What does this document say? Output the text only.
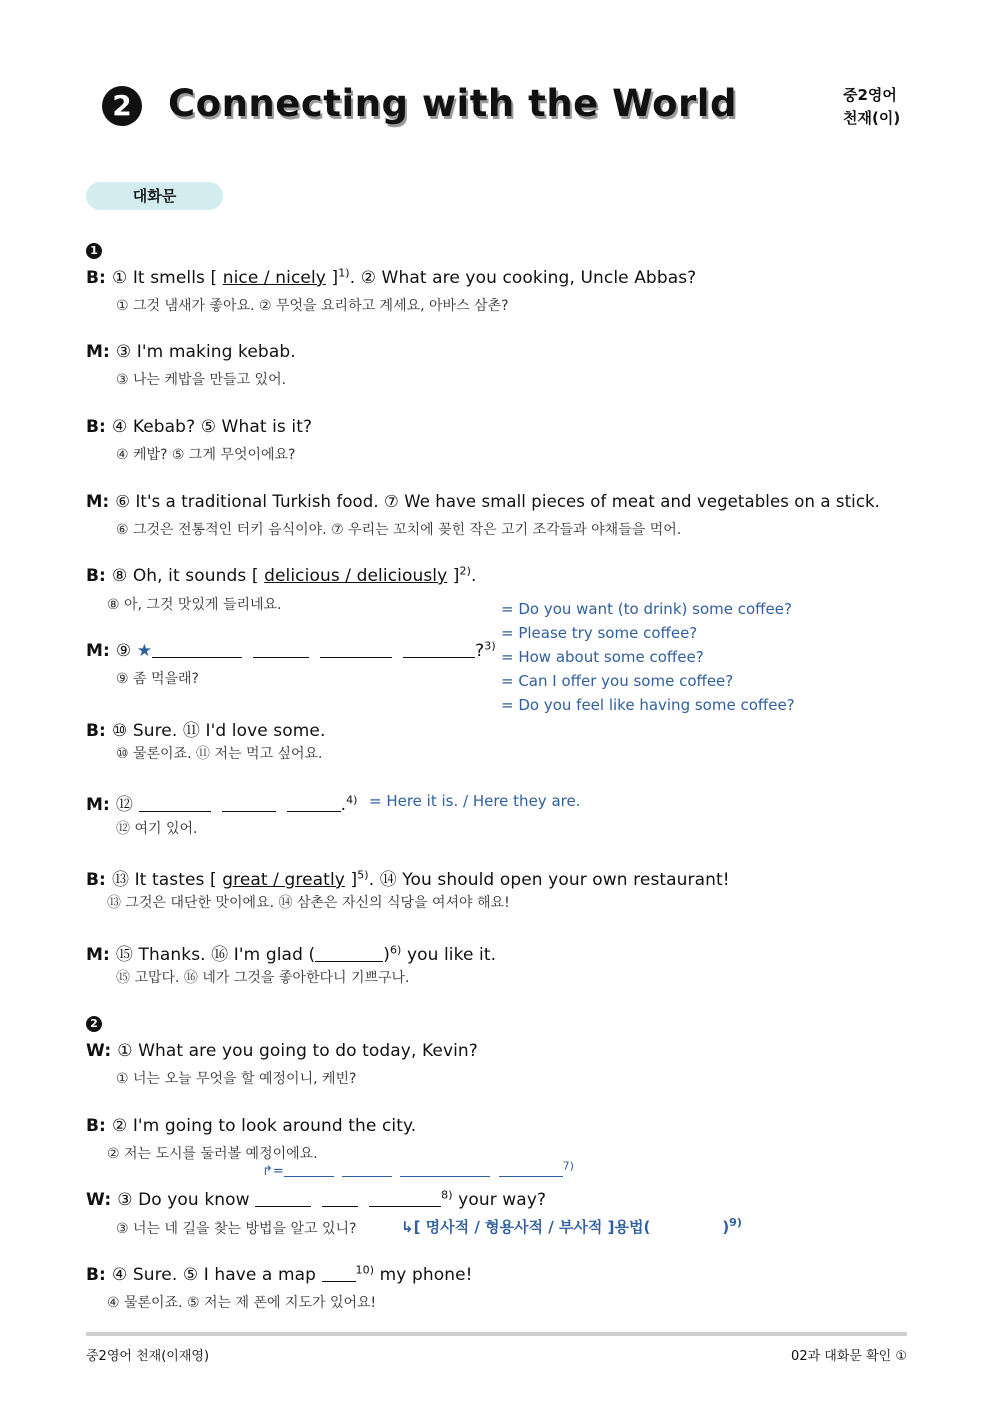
2 Connecting with the World	중2영어
천재(이)
대화문
1
B: ① It smells [ nice / nicely ]$^{1)}$. ② What are you cooking, Uncle Abbas?
① 그것 냄새가 좋아요. ② 무엇을 요리하고 계세요, 아바스 삼촌?
M: ③ I'm making kebab.
③ 나는 케밥을 만들고 있어.
B: ④ Kebab? ⑤ What is it?
④ 케밥? ⑤ 그게 무엇이에요?
M: ⑥ It's a traditional Turkish food. ⑦ We have small pieces of meat and vegetables on a stick.
⑥ 그것은 전통적인 터키 음식이야. ⑦ 우리는 꼬치에 꽂힌 작은 고기 조각들과 야채들을 먹어.
B: ⑧ Oh, it sounds [ delicious / deliciously ]$^{2)}$.
⑧ 아, 그것 맛있게 들리네요.	= Do you want (to drink) some coffee?
= Please try some coffee?
= How about some coffee?
= Can I offer you some coffee?
= Do you feel like having some coffee?
M: ⑨ ★	?$^{3)}$
⑨ 좀 먹을래?
B: ⑩ Sure. ⑪ I'd love some.
⑩ 물론이죠. ⑪ 저는 먹고 싶어요.
M: ⑫	.$^{4)}$ = Here it is. / Here they are.
⑫ 여기 있어.
B: ⑬ It tastes [ great / greatly ]$^{5)}$. ⑭ You should open your own restaurant!
⑬ 그것은 대단한 맛이에요. ⑭ 삼촌은 자신의 식당을 여셔야 해요!
M: ⑮ Thanks. ⑯ I'm glad (	)$^{6)}$ you like it.
⑮ 고맙다. ⑯ 네가 그것을 좋아한다니 기쁘구나.
2
W: ① What are you going to do today, Kevin?
① 너는 오늘 무엇을 할 예정이니, 케빈?
B: ② I'm going to look around the city.
② 저는 도시를 둘러볼 예정이에요.
↱=	$^{7)}$
W: ③ Do you know	$^{8)}$ your way?
③ 너는 네 길을 찾는 방법을 알고 있니?	↳[ 명사적 / 형용사적 / 부사적 ]용법(	)$^{9)}$
B: ④ Sure. ⑤ I have a map	$^{10)}$ my phone!
④ 물론이죠. ⑤ 저는 제 폰에 지도가 있어요!
중2영어 천재(이재영)	02과 대화문 확인 ①
